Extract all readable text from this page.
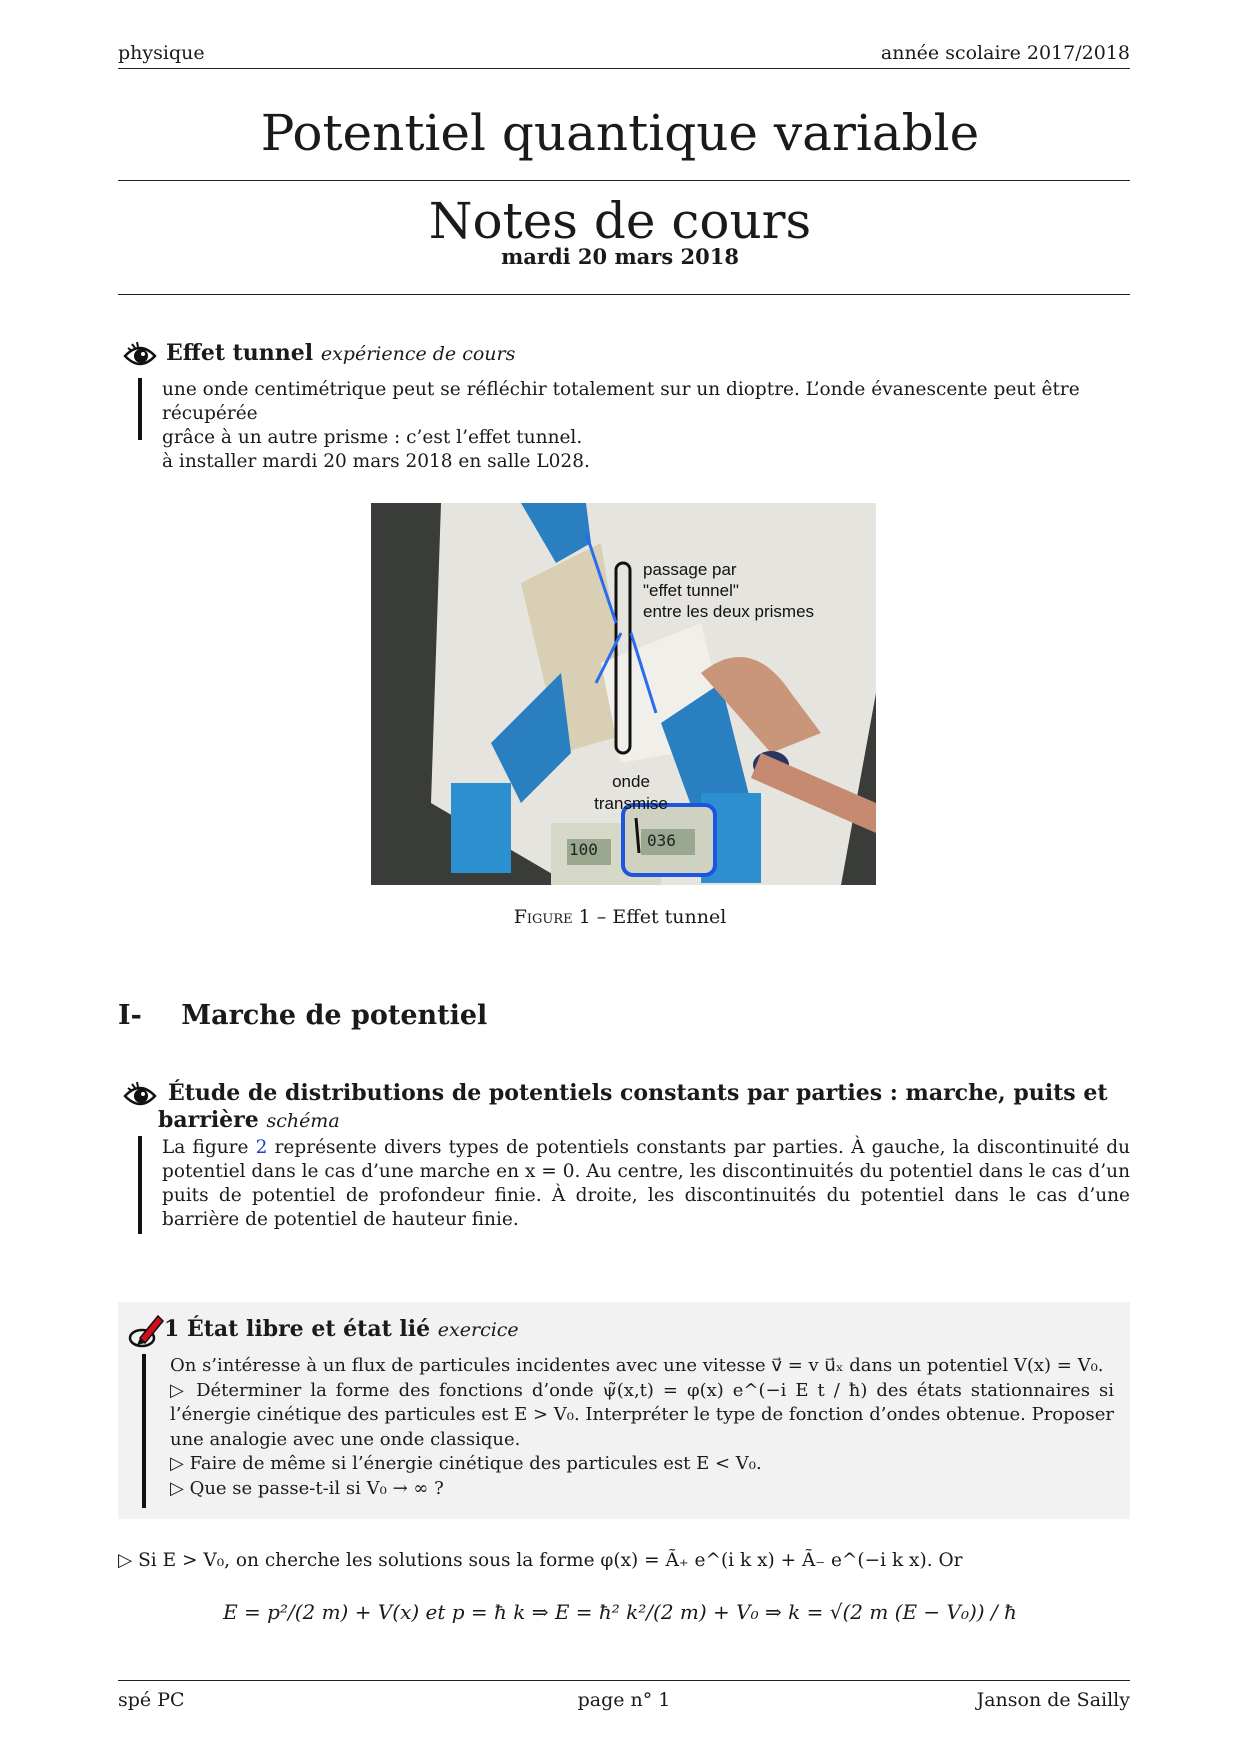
physique	année scolaire 2017/2018
Potentiel quantique variable
Notes de cours
mardi 20 mars 2018
Effet tunnel expérience de cours
une onde centimétrique peut se réfléchir totalement sur un dioptre. L’onde évanescente peut être récupérée
grâce à un autre prisme : c’est l’effet tunnel.
à installer mardi 20 mars 2018 en salle L028.
passage par
"effet tunnel"
entre les deux prismes
onde
transmise
100	036
Figure 1 – Effet tunnel
I- Marche de potentiel
Étude de distributions de potentiels constants par parties : marche, puits et
barrière schéma
La figure 2 représente divers types de potentiels constants par parties. À gauche, la discontinuité du potentiel dans le cas d’une marche en x = 0. Au centre, les discontinuités du potentiel dans le cas d’un puits de potentiel de profondeur finie. À droite, les discontinuités du potentiel dans le cas d’une barrière de potentiel de hauteur finie.
1 État libre et état lié exercice
On s’intéresse à un flux de particules incidentes avec une vitesse v⃗ = v u⃗ₓ dans un potentiel V(x) = V₀.
▷ Déterminer la forme des fonctions d’onde ψ̃(x,t) = φ(x) e^(−i E t / ħ) des états stationnaires si l’énergie cinétique des particules est E > V₀. Interpréter le type de fonction d’ondes obtenue. Proposer une analogie avec une onde classique.
▷ Faire de même si l’énergie cinétique des particules est E < V₀.
▷ Que se passe-t-il si V₀ → ∞ ?
▷ Si E > V₀, on cherche les solutions sous la forme φ(x) = Ã₊ e^(i k x) + Ã₋ e^(−i k x). Or
E = p²/(2 m) + V(x) et p = ħ k ⇒ E = ħ² k²/(2 m) + V₀ ⇒ k = √(2 m (E − V₀)) / ħ
spé PC	page n° 1	Janson de Sailly
